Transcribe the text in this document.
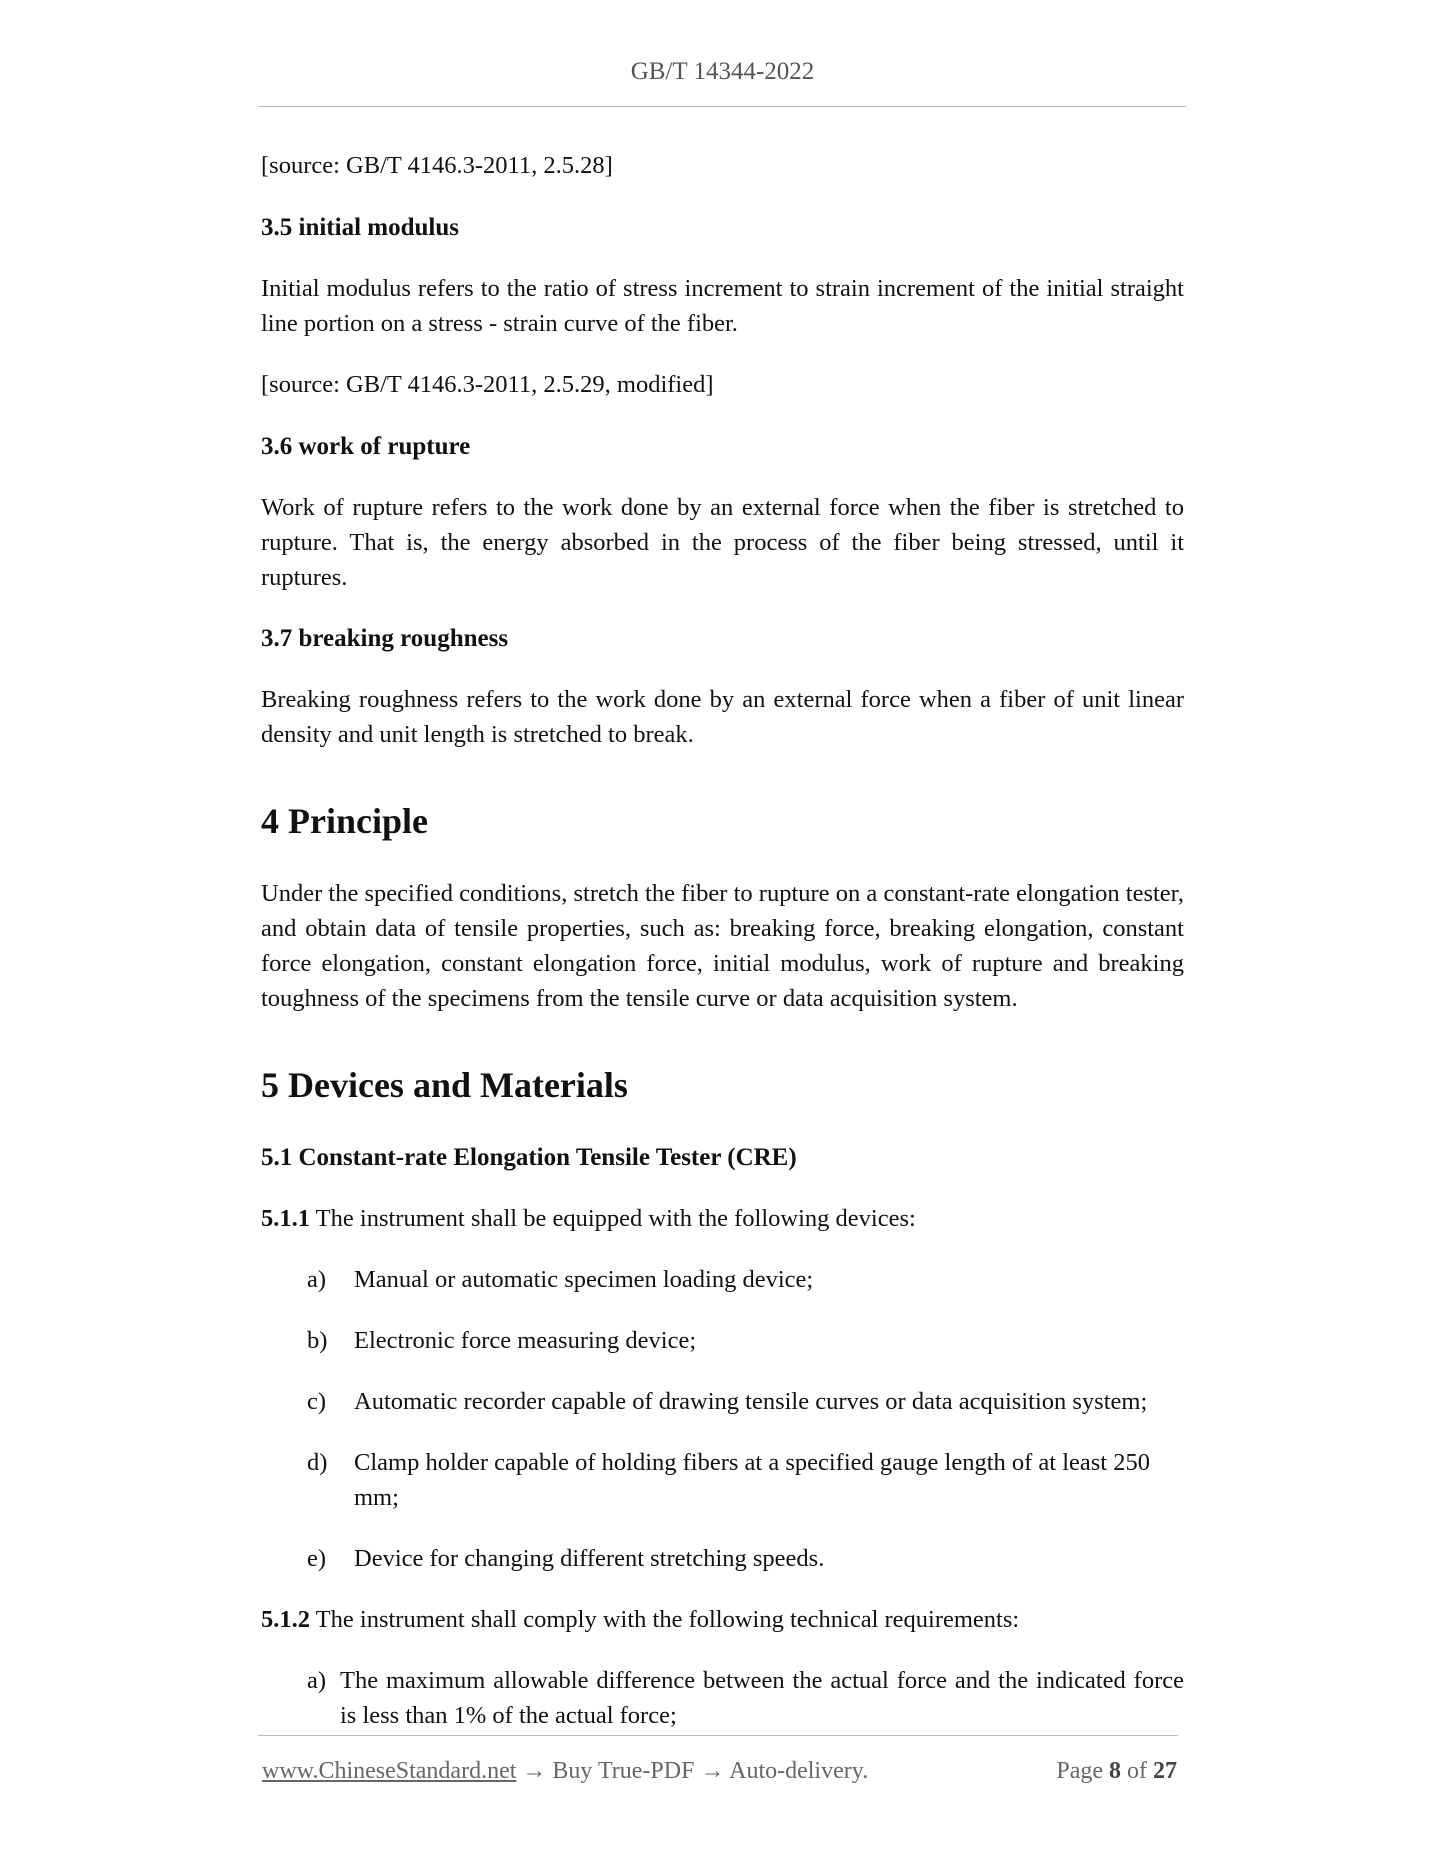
GB/T 14344-2022

[source: GB/T 4146.3-2011, 2.5.28]

3.5 initial modulus

Initial modulus refers to the ratio of stress increment to strain increment of the initial straight line portion on a stress - strain curve of the fiber.

[source: GB/T 4146.3-2011, 2.5.29, modified]

3.6 work of rupture

Work of rupture refers to the work done by an external force when the fiber is stretched to rupture. That is, the energy absorbed in the process of the fiber being stressed, until it ruptures.

3.7 breaking roughness

Breaking roughness refers to the work done by an external force when a fiber of unit linear density and unit length is stretched to break.

4 Principle

Under the specified conditions, stretch the fiber to rupture on a constant-rate elongation tester, and obtain data of tensile properties, such as: breaking force, breaking elongation, constant force elongation, constant elongation force, initial modulus, work of rupture and breaking toughness of the specimens from the tensile curve or data acquisition system.

5 Devices and Materials
5.1 Constant-rate Elongation Tensile Tester (CRE)

5.1.1 The instrument shall be equipped with the following devices:

a) Manual or automatic specimen loading device;
b) Electronic force measuring device;
c) Automatic recorder capable of drawing tensile curves or data acquisition system;
d) Clamp holder capable of holding fibers at a specified gauge length of at least 250 mm;
e) Device for changing different stretching speeds.

5.1.2 The instrument shall comply with the following technical requirements:

a) The maximum allowable difference between the actual force and the indicated force is less than 1% of the actual force;
www.ChineseStandard.net → Buy True-PDF → Auto-delivery.	Page 8 of 27
